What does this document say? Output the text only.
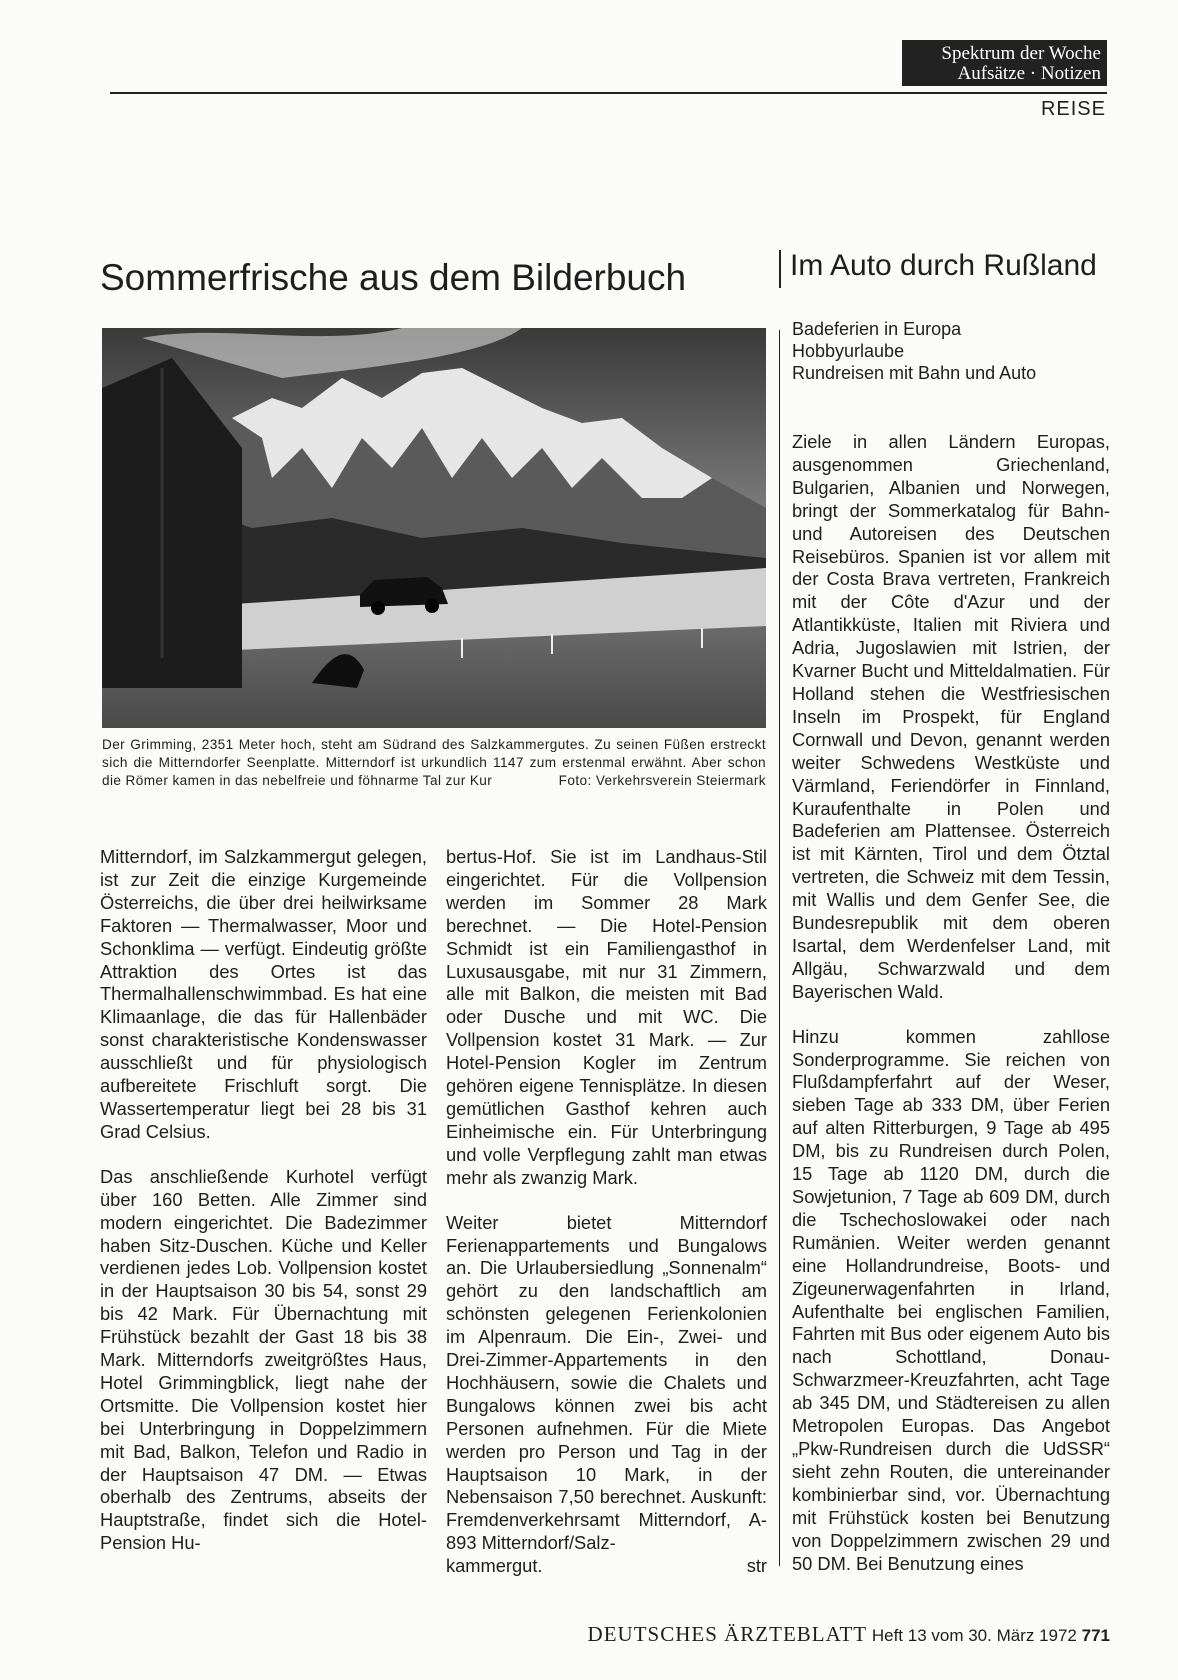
Spektrum der Woche
Aufsätze · Notizen
REISE
Sommerfrische aus dem Bilderbuch	Im Auto durch Rußland
Badeferien in Europa
Hobbyurlaube
Rundreisen mit Bahn und Auto
Der Grimming, 2351 Meter hoch, steht am Südrand des Salzkammergutes. Zu seinen Füßen erstreckt sich die Mitterndorfer Seenplatte. Mitterndorf ist urkundlich 1147 zum erstenmal erwähnt. Aber schon die Römer kamen in das nebelfreie und föhnarme Tal zur Kur	Foto: Verkehrsverein Steiermark

Mitterndorf, im Salzkammergut gelegen, ist zur Zeit die einzige Kurgemeinde Österreichs, die über drei heilwirksame Faktoren — Thermalwasser, Moor und Schonklima — verfügt. Eindeutig größte Attraktion des Ortes ist das Thermalhallenschwimmbad. Es hat eine Klimaanlage, die das für Hallenbäder sonst charakteristische Kondenswasser ausschließt und für physiologisch aufbereitete Frischluft sorgt. Die Wassertemperatur liegt bei 28 bis 31 Grad Celsius.

Das anschließende Kurhotel verfügt über 160 Betten. Alle Zimmer sind modern eingerichtet. Die Badezimmer haben Sitz-Duschen. Küche und Keller verdienen jedes Lob. Vollpension kostet in der Hauptsaison 30 bis 54, sonst 29 bis 42 Mark. Für Übernachtung mit Frühstück bezahlt der Gast 18 bis 38 Mark. Mitterndorfs zweitgrößtes Haus, Hotel Grimmingblick, liegt nahe der Ortsmitte. Die Vollpension kostet hier bei Unterbringung in Doppelzimmern mit Bad, Balkon, Telefon und Radio in der Hauptsaison 47 DM. — Etwas oberhalb des Zentrums, abseits der Hauptstraße, findet sich die Hotel-Pension Hu-

bertus-Hof. Sie ist im Landhaus-Stil eingerichtet. Für die Vollpension werden im Sommer 28 Mark berechnet. — Die Hotel-Pension Schmidt ist ein Familiengasthof in Luxusausgabe, mit nur 31 Zimmern, alle mit Balkon, die meisten mit Bad oder Dusche und mit WC. Die Vollpension kostet 31 Mark. — Zur Hotel-Pension Kogler im Zentrum gehören eigene Tennisplätze. In diesen gemütlichen Gasthof kehren auch Einheimische ein. Für Unterbringung und volle Verpflegung zahlt man etwas mehr als zwanzig Mark.

Weiter bietet Mitterndorf Ferienappartements und Bungalows an. Die Urlaubersiedlung „Sonnenalm“ gehört zu den landschaftlich am schönsten gelegenen Ferienkolonien im Alpenraum. Die Ein-, Zwei- und Drei-Zimmer-Appartements in den Hochhäusern, sowie die Chalets und Bungalows können zwei bis acht Personen aufnehmen. Für die Miete werden pro Person und Tag in der Hauptsaison 10 Mark, in der Nebensaison 7,50 berechnet. Auskunft: Fremdenverkehrsamt Mitterndorf, A-893 Mitterndorf/Salz-

kammergut.	str

Ziele in allen Ländern Europas, ausgenommen Griechenland, Bulgarien, Albanien und Norwegen, bringt der Sommerkatalog für Bahn- und Autoreisen des Deutschen Reisebüros. Spanien ist vor allem mit der Costa Brava vertreten, Frankreich mit der Côte d'Azur und der Atlantikküste, Italien mit Riviera und Adria, Jugoslawien mit Istrien, der Kvarner Bucht und Mitteldalmatien. Für Holland stehen die Westfriesischen Inseln im Prospekt, für England Cornwall und Devon, genannt werden weiter Schwedens Westküste und Värmland, Feriendörfer in Finnland, Kuraufenthalte in Polen und Badeferien am Plattensee. Österreich ist mit Kärnten, Tirol und dem Ötztal vertreten, die Schweiz mit dem Tessin, mit Wallis und dem Genfer See, die Bundesrepublik mit dem oberen Isartal, dem Werdenfelser Land, mit Allgäu, Schwarzwald und dem Bayerischen Wald.

Hinzu kommen zahllose Sonderprogramme. Sie reichen von Flußdampferfahrt auf der Weser, sieben Tage ab 333 DM, über Ferien auf alten Ritterburgen, 9 Tage ab 495 DM, bis zu Rundreisen durch Polen, 15 Tage ab 1120 DM, durch die Sowjetunion, 7 Tage ab 609 DM, durch die Tschechoslowakei oder nach Rumänien. Weiter werden genannt eine Hollandrundreise, Boots- und Zigeunerwagenfahrten in Irland, Aufenthalte bei englischen Familien, Fahrten mit Bus oder eigenem Auto bis nach Schottland, Donau-Schwarzmeer-Kreuzfahrten, acht Tage ab 345 DM, und Städtereisen zu allen Metropolen Europas. Das Angebot „Pkw-Rundreisen durch die UdSSR“ sieht zehn Routen, die untereinander kombinierbar sind, vor. Übernachtung mit Frühstück kosten bei Benutzung von Doppelzimmern zwischen 29 und 50 DM. Bei Benutzung eines

DEUTSCHES ÄRZTEBLATT Heft 13 vom 30. März 1972 771
